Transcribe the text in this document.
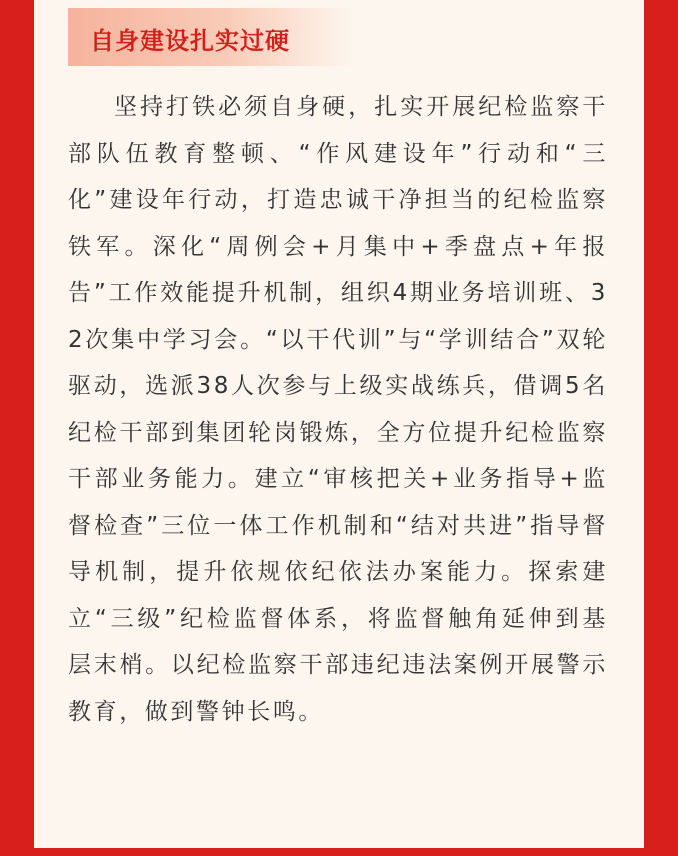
自身建设扎实过硬

坚持打铁必须自身硬，扎实开展纪检监察干部队伍教育整顿、“作风建设年”行动和“三化”建设年行动，打造忠诚干净担当的纪检监察铁军。深化“周例会+月集中+季盘点+年报告”工作效能提升机制，组织4期业务培训班、32次集中学习会。“以干代训”与“学训结合”双轮驱动，选派38人次参与上级实战练兵，借调5名纪检干部到集团轮岗锻炼，全方位提升纪检监察干部业务能力。建立“审核把关+业务指导+监督检查”三位一体工作机制和“结对共进”指导督导机制，提升依规依纪依法办案能力。探索建立“三级”纪检监督体系，将监督触角延伸到基层末梢。以纪检监察干部违纪违法案例开展警示教育，做到警钟长鸣。
